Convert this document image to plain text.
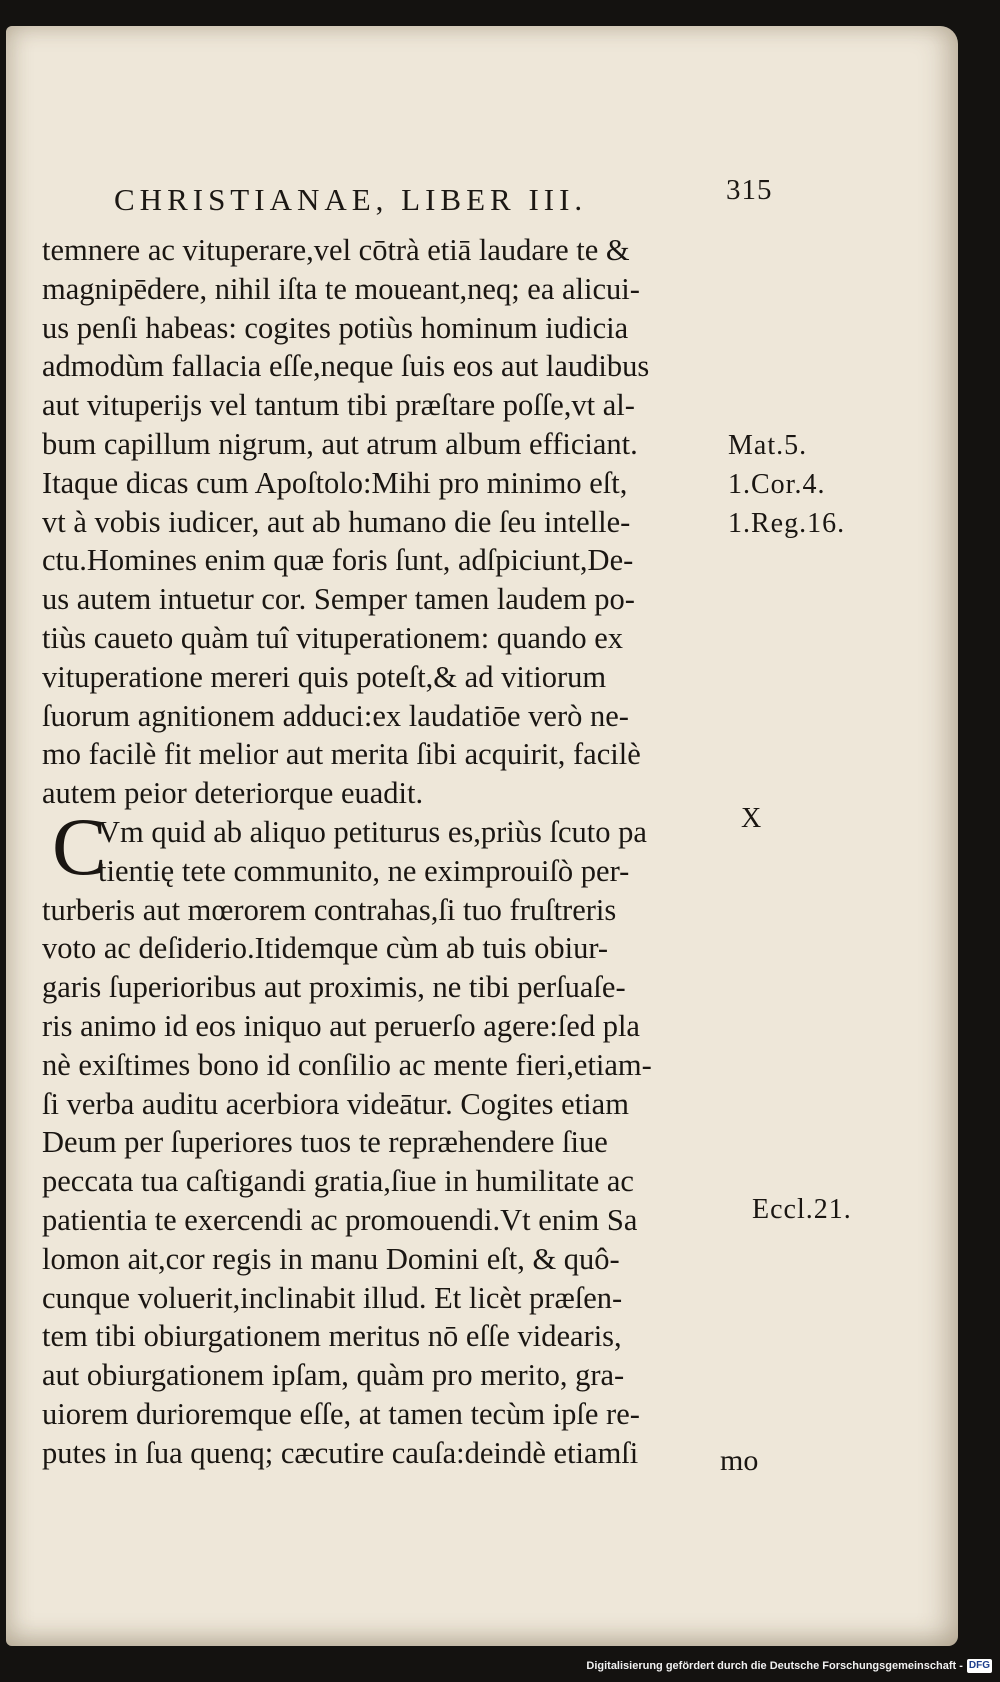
CHRISTIANAE, LIBER III.	315
temnere ac vituperare,vel cōtrà etiā laudare te &
magnipēdere, nihil iſta te moueant,neq; ea alicui-
us penſi habeas: cogites potiùs hominum iudicia
admodùm fallacia eſſe,neque ſuis eos aut laudibus
aut vituperijs vel tantum tibi præſtare poſſe,vt al-
bum capillum nigrum, aut atrum album efficiant.
Itaque dicas cum Apoſtolo:Mihi pro minimo eſt,
vt à vobis iudicer, aut ab humano die ſeu intelle-
ctu.Homines enim quæ foris ſunt, adſpiciunt,De-
us autem intuetur cor. Semper tamen laudem po-
tiùs caueto quàm tuî vituperationem: quando ex
vituperatione mereri quis poteſt,& ad vitiorum
ſuorum agnitionem adduci:ex laudatiōe verò ne-
mo facilè fit melior aut merita ſibi acquirit, facilè
autem peior deteriorque euadit.
Vm quid ab aliquo petiturus es,priùs ſcuto pa
tientię tete communito, ne eximprouiſò per-
turberis aut mœrorem contrahas,ſi tuo fruſtreris
voto ac deſiderio.Itidemque cùm ab tuis obiur-
garis ſuperioribus aut proximis, ne tibi perſuaſe-
ris animo id eos iniquo aut peruerſo agere:ſed pla
nè exiſtimes bono id conſilio ac mente fieri,etiam-
ſi verba auditu acerbiora videātur. Cogites etiam
Deum per ſuperiores tuos te repræhendere ſiue
peccata tua caſtigandi gratia,ſiue in humilitate ac
patientia te exercendi ac promouendi.Vt enim Sa
lomon ait,cor regis in manu Domini eſt, & quô-
cunque voluerit,inclinabit illud. Et licèt præſen-
tem tibi obiurgationem meritus nō eſſe videaris,
aut obiurgationem ipſam, quàm pro merito, gra-
uiorem durioremque eſſe, at tamen tecùm ipſe re-
putes in ſua quenq; cæcutire cauſa:deindè etiamſi
C
mo
Mat.5.
1.Cor.4.
1.Reg.16.
X
Eccl.21.
Digitalisierung gefördert durch die Deutsche Forschungsgemeinschaft - DFG
